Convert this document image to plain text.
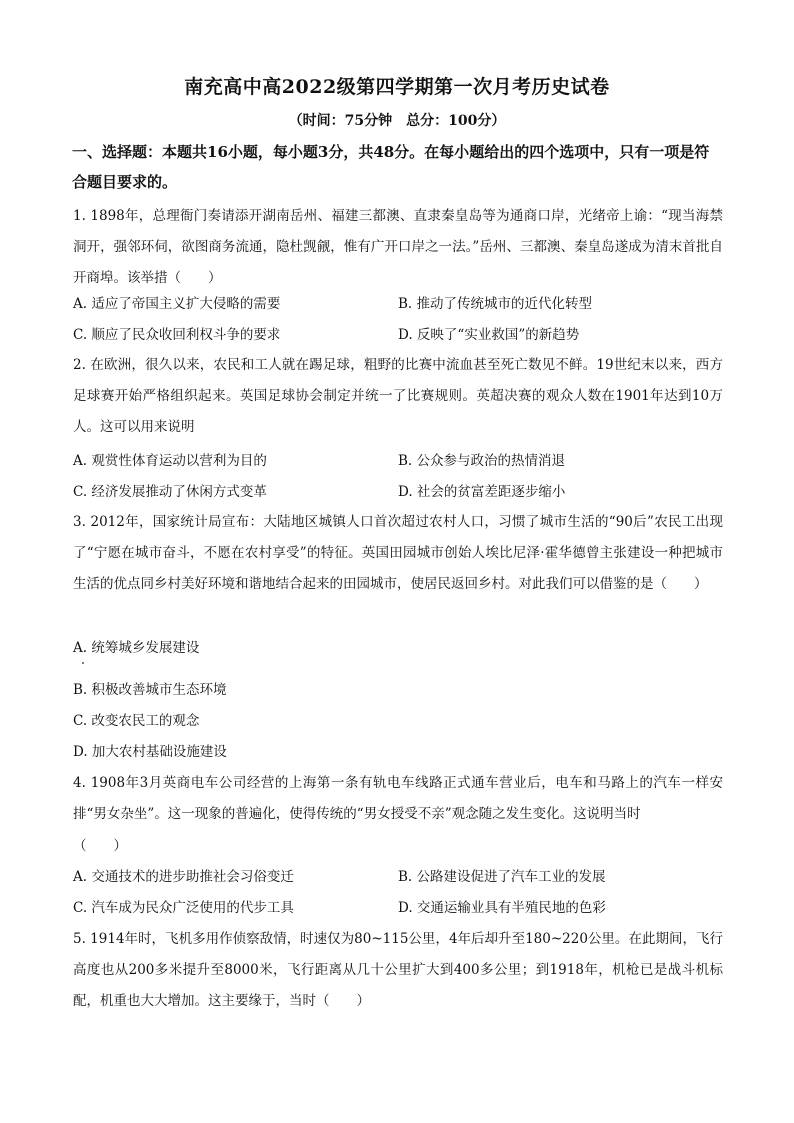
南充高中高2022级第四学期第一次月考历史试卷
（时间：75分钟　总分：100分）
一、选择题：本题共16小题，每小题3分，共48分。在每小题给出的四个选项中，只有一项是符合题目要求的。
1. 1898年，总理衙门奏请添开湖南岳州、福建三都澳、直隶秦皇岛等为通商口岸，光绪帝上谕：“现当海禁洞开，强邻环伺，欲图商务流通，隐杜觊觎，惟有广开口岸之一法。”岳州、三都澳、秦皇岛遂成为清末首批自开商埠。该举措（　　）
A. 适应了帝国主义扩大侵略的需要	B. 推动了传统城市的近代化转型
C. 顺应了民众收回利权斗争的要求	D. 反映了“实业救国”的新趋势
2. 在欧洲，很久以来，农民和工人就在踢足球，粗野的比赛中流血甚至死亡数见不鲜。19世纪末以来，西方足球赛开始严格组织起来。英国足球协会制定并统一了比赛规则。英超决赛的观众人数在1901年达到10万人。这可以用来说明
A. 观赏性体育运动以营利为目的	B. 公众参与政治的热情消退
C. 经济发展推动了休闲方式变革	D. 社会的贫富差距逐步缩小
3. 2012年，国家统计局宣布：大陆地区城镇人口首次超过农村人口，习惯了城市生活的“90后”农民工出现了“宁愿在城市奋斗，不愿在农村享受”的特征。英国田园城市创始人埃比尼泽·霍华德曾主张建设一种把城市生活的优点同乡村美好环境和谐地结合起来的田园城市，使居民返回乡村。对此我们可以借鉴的是（　　）
A. 统筹城乡发展建设
B. 积极改善城市生态环境
C. 改变农民工的观念
D. 加大农村基础设施建设
4. 1908年3月英商电车公司经营的上海第一条有轨电车线路正式通车营业后，电车和马路上的汽车一样安排“男女杂坐”。这一现象的普遍化，使得传统的“男女授受不亲”观念随之发生变化。这说明当时
（　　）
A. 交通技术的进步助推社会习俗变迁	B. 公路建设促进了汽车工业的发展
C. 汽车成为民众广泛使用的代步工具	D. 交通运输业具有半殖民地的色彩
5. 1914年时，飞机多用作侦察敌情，时速仅为80~115公里，4年后却升至180~220公里。在此期间，飞行高度也从200多米提升至8000米，飞行距离从几十公里扩大到400多公里；到1918年，机枪已是战斗机标配，机重也大大增加。这主要缘于，当时（　　）
